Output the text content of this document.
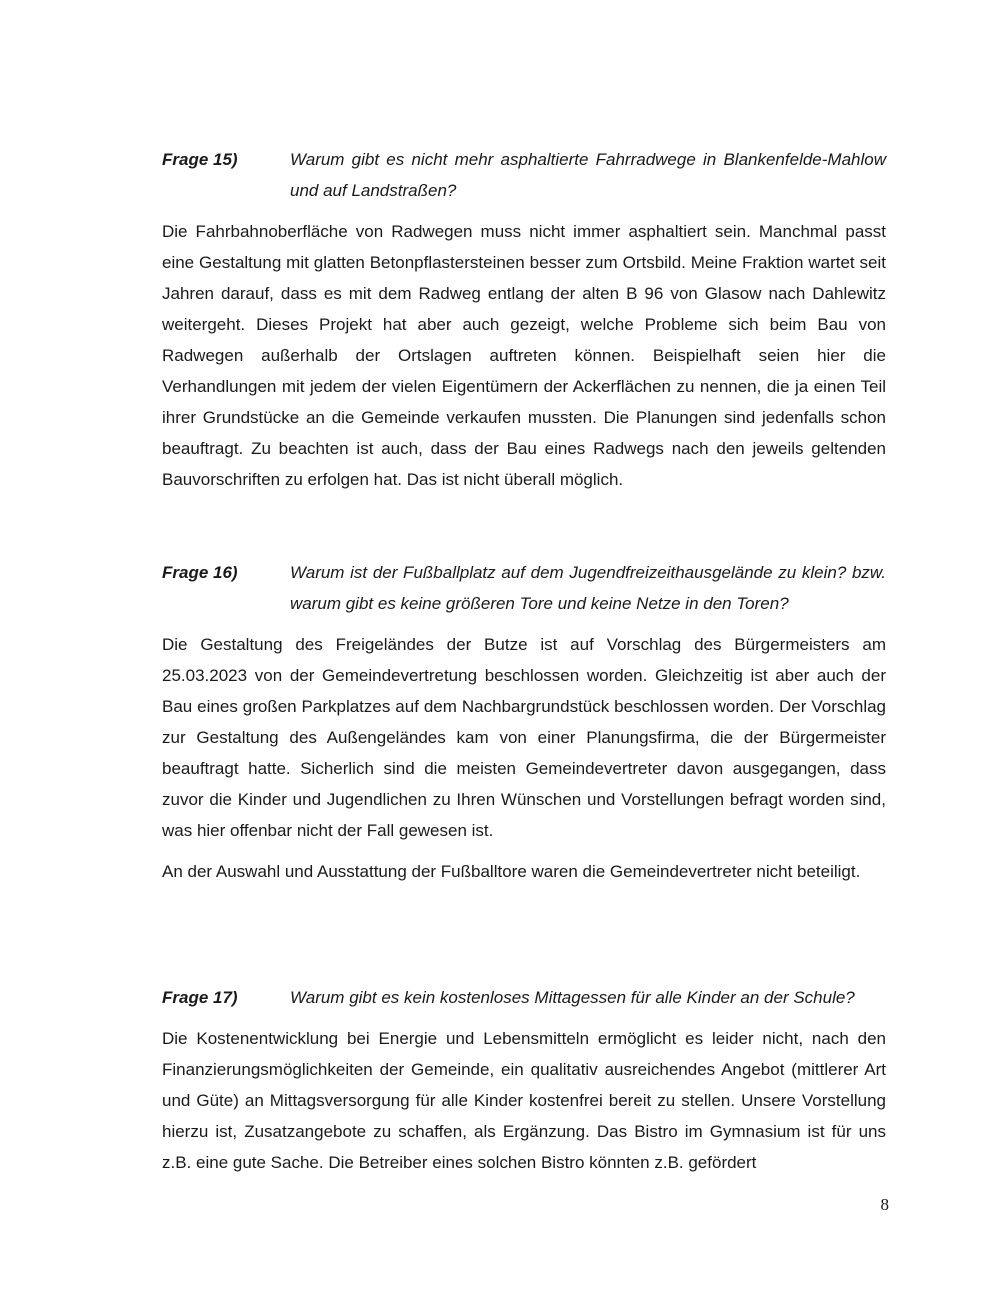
Frage 15)	Warum gibt es nicht mehr asphaltierte Fahrradwege in Blankenfelde-Mahlow und auf Landstraßen?

Die Fahrbahnoberfläche von Radwegen muss nicht immer asphaltiert sein. Manchmal passt eine Gestaltung mit glatten Betonpflastersteinen besser zum Ortsbild. Meine Fraktion wartet seit Jahren darauf, dass es mit dem Radweg entlang der alten B 96 von Glasow nach Dahlewitz weitergeht. Dieses Projekt hat aber auch gezeigt, welche Probleme sich beim Bau von Radwegen außerhalb der Ortslagen auftreten können. Beispielhaft seien hier die Verhandlungen mit jedem der vielen Eigentümern der Ackerflächen zu nennen, die ja einen Teil ihrer Grundstücke an die Gemeinde verkaufen mussten. Die Planungen sind jedenfalls schon beauftragt. Zu beachten ist auch, dass der Bau eines Radwegs nach den jeweils geltenden Bauvorschriften zu erfolgen hat. Das ist nicht überall möglich.

Frage 16)	Warum ist der Fußballplatz auf dem Jugendfreizeithausgelände zu klein? bzw. warum gibt es keine größeren Tore und keine Netze in den Toren?

Die Gestaltung des Freigeländes der Butze ist auf Vorschlag des Bürgermeisters am 25.03.2023 von der Gemeindevertretung beschlossen worden. Gleichzeitig ist aber auch der Bau eines großen Parkplatzes auf dem Nachbargrundstück beschlossen worden. Der Vorschlag zur Gestaltung des Außengeländes kam von einer Planungsfirma, die der Bürgermeister beauftragt hatte. Sicherlich sind die meisten Gemeindevertreter davon ausgegangen, dass zuvor die Kinder und Jugendlichen zu Ihren Wünschen und Vorstellungen befragt worden sind, was hier offenbar nicht der Fall gewesen ist.

An der Auswahl und Ausstattung der Fußballtore waren die Gemeindevertreter nicht beteiligt.

Frage 17)	Warum gibt es kein kostenloses Mittagessen für alle Kinder an der Schule?

Die Kostenentwicklung bei Energie und Lebensmitteln ermöglicht es leider nicht, nach den Finanzierungsmöglichkeiten der Gemeinde, ein qualitativ ausreichendes Angebot (mittlerer Art und Güte) an Mittagsversorgung für alle Kinder kostenfrei bereit zu stellen. Unsere Vorstellung hierzu ist, Zusatzangebote zu schaffen, als Ergänzung. Das Bistro im Gymnasium ist für uns z.B. eine gute Sache. Die Betreiber eines solchen Bistro könnten z.B. gefördert

8
